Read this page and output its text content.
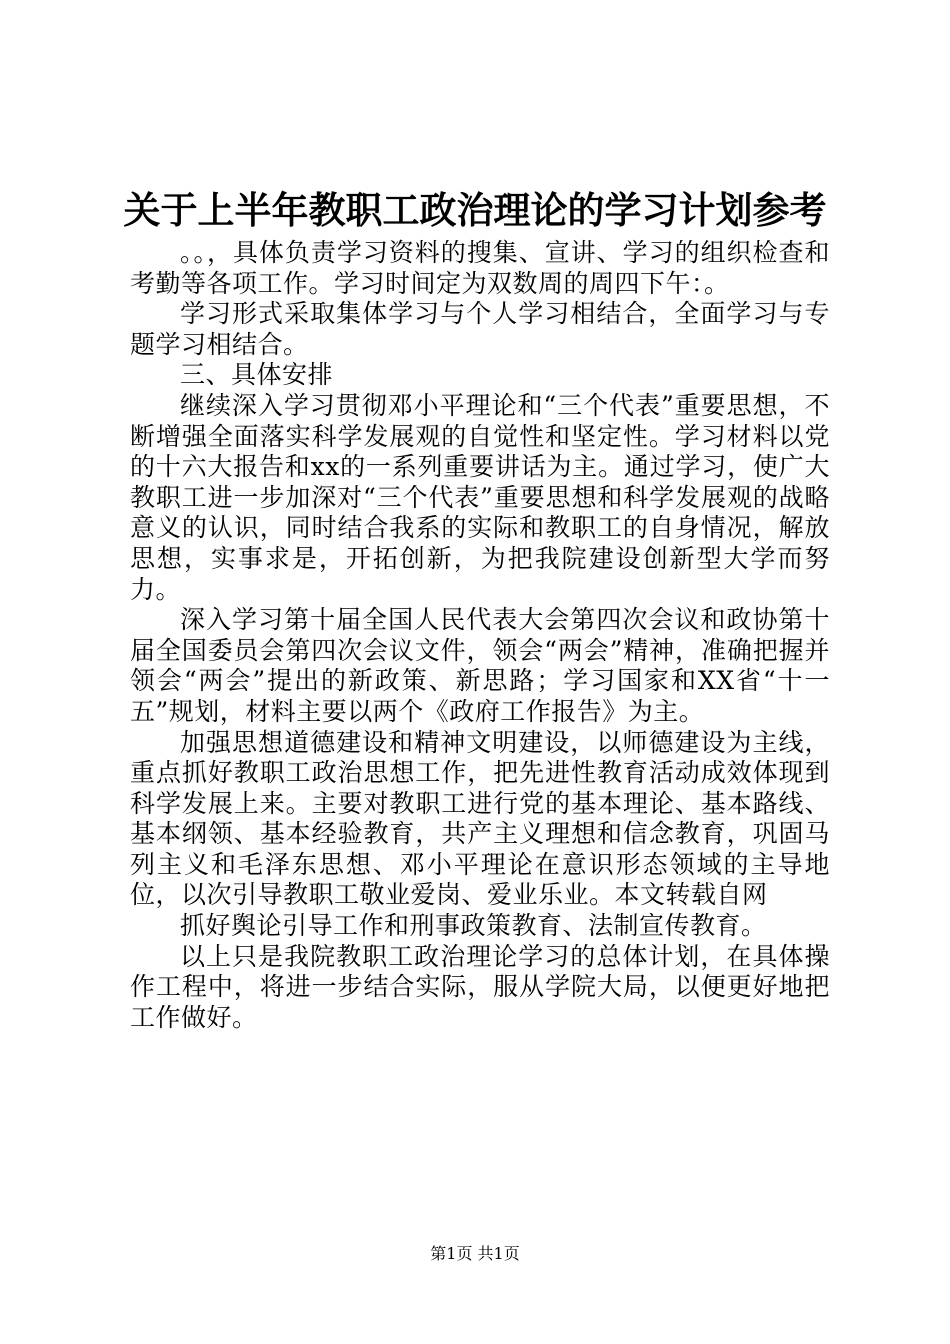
关于上半年教职工政治理论的学习计划参考

。。，具体负责学习资料的搜集、宣讲、学习的组织检查和考勤等各项工作。学习时间定为双数周的周四下午：。

学习形式采取集体学习与个人学习相结合，全面学习与专题学习相结合。

三、具体安排

继续深入学习贯彻邓小平理论和“三个代表”重要思想，不断增强全面落实科学发展观的自觉性和坚定性。学习材料以党的十六大报告和xx的一系列重要讲话为主。通过学习，使广大教职工进一步加深对“三个代表”重要思想和科学发展观的战略意义的认识，同时结合我系的实际和教职工的自身情况，解放思想，实事求是，开拓创新，为把我院建设创新型大学而努力。

深入学习第十届全国人民代表大会第四次会议和政协第十届全国委员会第四次会议文件，领会“两会”精神，准确把握并领会“两会”提出的新政策、新思路；学习国家和XX省“十一五”规划，材料主要以两个《政府工作报告》为主。

加强思想道德建设和精神文明建设，以师德建设为主线，重点抓好教职工政治思想工作，把先进性教育活动成效体现到科学发展上来。主要对教职工进行党的基本理论、基本路线、基本纲领、基本经验教育，共产主义理想和信念教育，巩固马列主义和毛泽东思想、邓小平理论在意识形态领域的主导地位，以次引导教职工敬业爱岗、爱业乐业。本文转载自网

抓好舆论引导工作和刑事政策教育、法制宣传教育。

以上只是我院教职工政治理论学习的总体计划，在具体操作工程中，将进一步结合实际，服从学院大局，以便更好地把工作做好。

第1页 共1页
